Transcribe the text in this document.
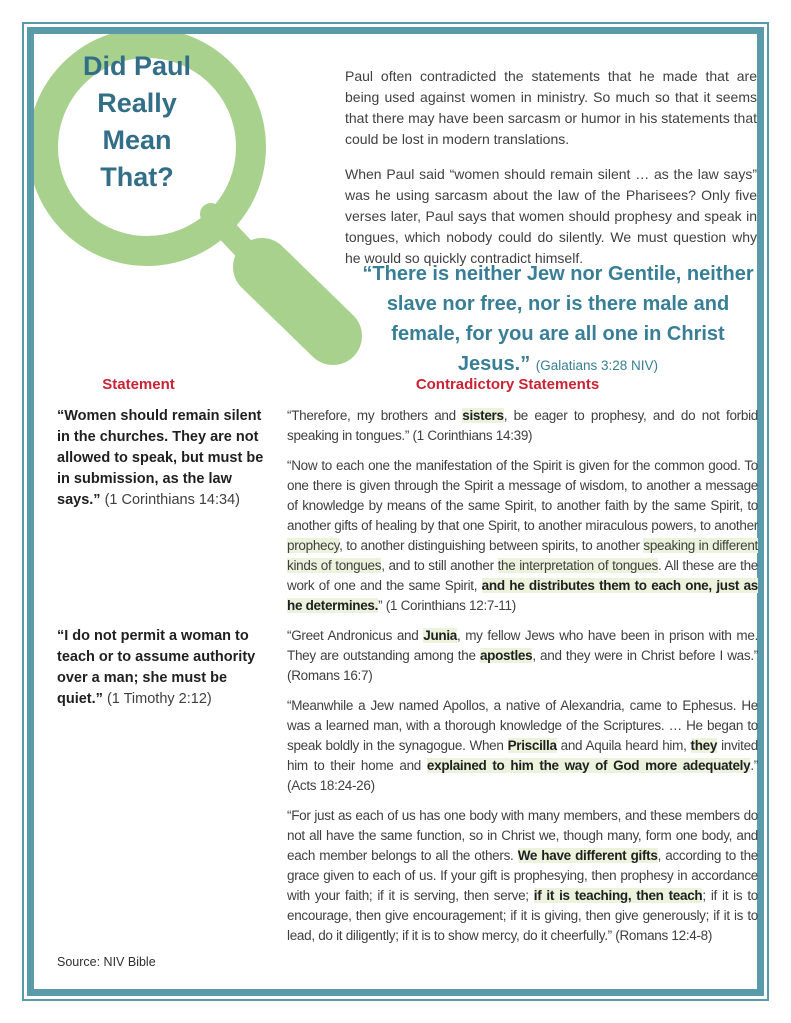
Did Paul
Really
Mean
That?

Paul often contradicted the statements that he made that are being used against women in ministry. So much so that it seems that there may have been sarcasm or humor in his statements that could be lost in modern translations.

When Paul said “women should remain silent … as the law says” was he using sarcasm about the law of the Pharisees? Only five verses later, Paul says that women should prophesy and speak in tongues, which nobody could do silently. We must question why he would so quickly contradict himself.

“There is neither Jew nor Gentile, neither slave nor free, nor is there male and female, for you are all one in Christ Jesus.” (Galatians 3:28 NIV)
Statement	Contradictory Statements
“Women should remain silent in the churches. They are not allowed to speak, but must be in submission, as the law says.” (1 Corinthians 14:34)

“Therefore, my brothers and sisters, be eager to prophesy, and do not forbid speaking in tongues.” (1 Corinthians 14:39)

“Now to each one the manifestation of the Spirit is given for the common good. To one there is given through the Spirit a message of wisdom, to another a message of knowledge by means of the same Spirit, to another faith by the same Spirit, to another gifts of healing by that one Spirit, to another miraculous powers, to another prophecy, to another distinguishing between spirits, to another speaking in different kinds of tongues, and to still another the interpretation of tongues. All these are the work of one and the same Spirit, and he distributes them to each one, just as he determines.” (1 Corinthians 12:7-11)

“I do not permit a woman to teach or to assume authority over a man; she must be quiet.” (1 Timothy 2:12)

“Greet Andronicus and Junia, my fellow Jews who have been in prison with me. They are outstanding among the apostles, and they were in Christ before I was.” (Romans 16:7)

“Meanwhile a Jew named Apollos, a native of Alexandria, came to Ephesus. He was a learned man, with a thorough knowledge of the Scriptures. … He began to speak boldly in the synagogue. When Priscilla and Aquila heard him, they invited him to their home and explained to him the way of God more adequately.” (Acts 18:24-26)

“For just as each of us has one body with many members, and these members do not all have the same function, so in Christ we, though many, form one body, and each member belongs to all the others. We have different gifts, according to the grace given to each of us. If your gift is prophesying, then prophesy in accordance with your faith; if it is serving, then serve; if it is teaching, then teach; if it is to encourage, then give encouragement; if it is giving, then give generously; if it is to lead, do it diligently; if it is to show mercy, do it cheerfully.” (Romans 12:4-8)

Source: NIV Bible
